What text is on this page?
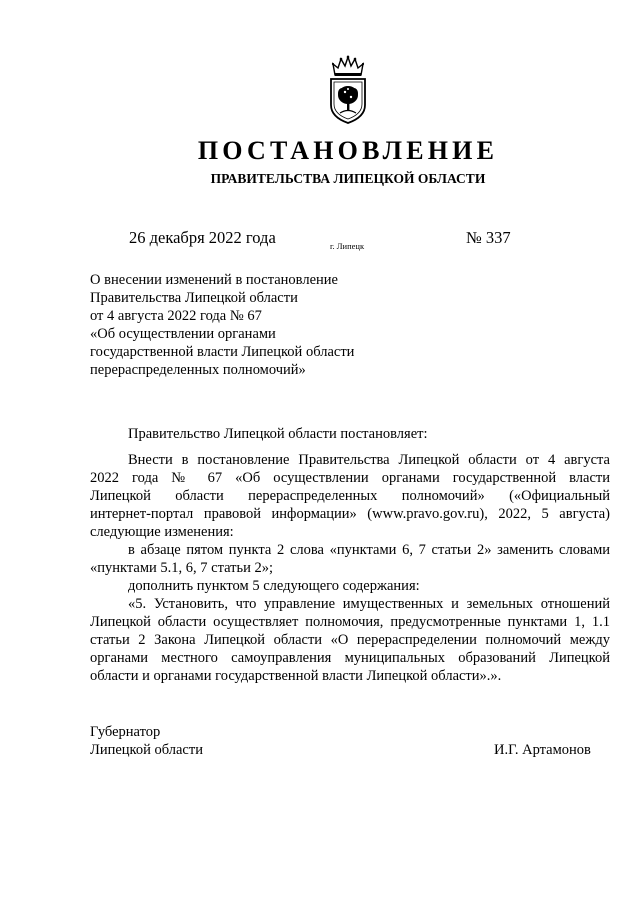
ПОСТАНОВЛЕНИЕ
ПРАВИТЕЛЬСТВА ЛИПЕЦКОЙ ОБЛАСТИ
26 декабря 2022 года	г. Липецк	№ 337
О внесении изменений в постановление
Правительства Липецкой области
от 4 августа 2022 года № 67
«Об осуществлении органами
государственной власти Липецкой области
перераспределенных полномочий»
Правительство Липецкой области постановляет:
Внести в постановление Правительства Липецкой области от 4 августа
2022 года № 67 «Об осуществлении органами государственной власти
Липецкой области перераспределенных полномочий» («Официальный
интернет-портал правовой информации» (www.pravo.gov.ru), 2022, 5 августа)
следующие изменения:
в абзаце пятом пункта 2 слова «пунктами 6, 7 статьи 2» заменить словами
«пунктами 5.1, 6, 7 статьи 2»;
дополнить пунктом 5 следующего содержания:
«5. Установить, что управление имущественных и земельных отношений
Липецкой области осуществляет полномочия, предусмотренные пунктами 1, 1.1
статьи 2 Закона Липецкой области «О перераспределении полномочий между
органами местного самоуправления муниципальных образований Липецкой
области и органами государственной власти Липецкой области».».
Губернатор
Липецкой области	И.Г. Артамонов
